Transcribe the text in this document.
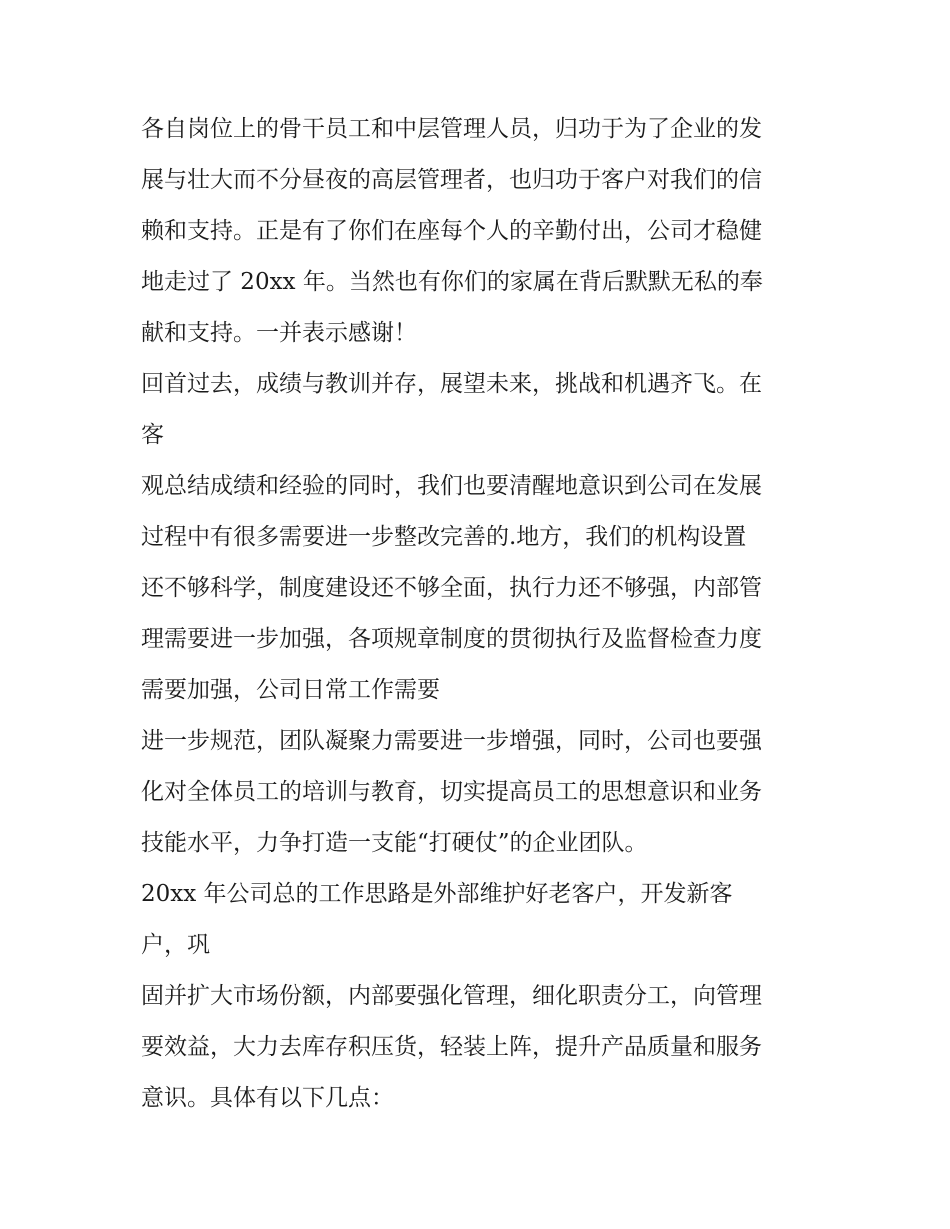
各自岗位上的骨干员工和中层管理人员，归功于为了企业的发
展与壮大而不分昼夜的高层管理者，也归功于客户对我们的信
赖和支持。正是有了你们在座每个人的辛勤付出，公司才稳健
地走过了 20xx 年。当然也有你们的家属在背后默默无私的奉
献和支持。一并表示感谢！
回首过去，成绩与教训并存，展望未来，挑战和机遇齐飞。在
客
观总结成绩和经验的同时，我们也要清醒地意识到公司在发展
过程中有很多需要进一步整改完善的.地方，我们的机构设置
还不够科学，制度建设还不够全面，执行力还不够强，内部管
理需要进一步加强，各项规章制度的贯彻执行及监督检查力度
需要加强，公司日常工作需要
进一步规范，团队凝聚力需要进一步增强，同时，公司也要强
化对全体员工的培训与教育，切实提高员工的思想意识和业务
技能水平，力争打造一支能“打硬仗”的企业团队。
20xx 年公司总的工作思路是外部维护好老客户，开发新客
户，巩
固并扩大市场份额，内部要强化管理，细化职责分工，向管理
要效益，大力去库存积压货，轻装上阵，提升产品质量和服务
意识。具体有以下几点：
